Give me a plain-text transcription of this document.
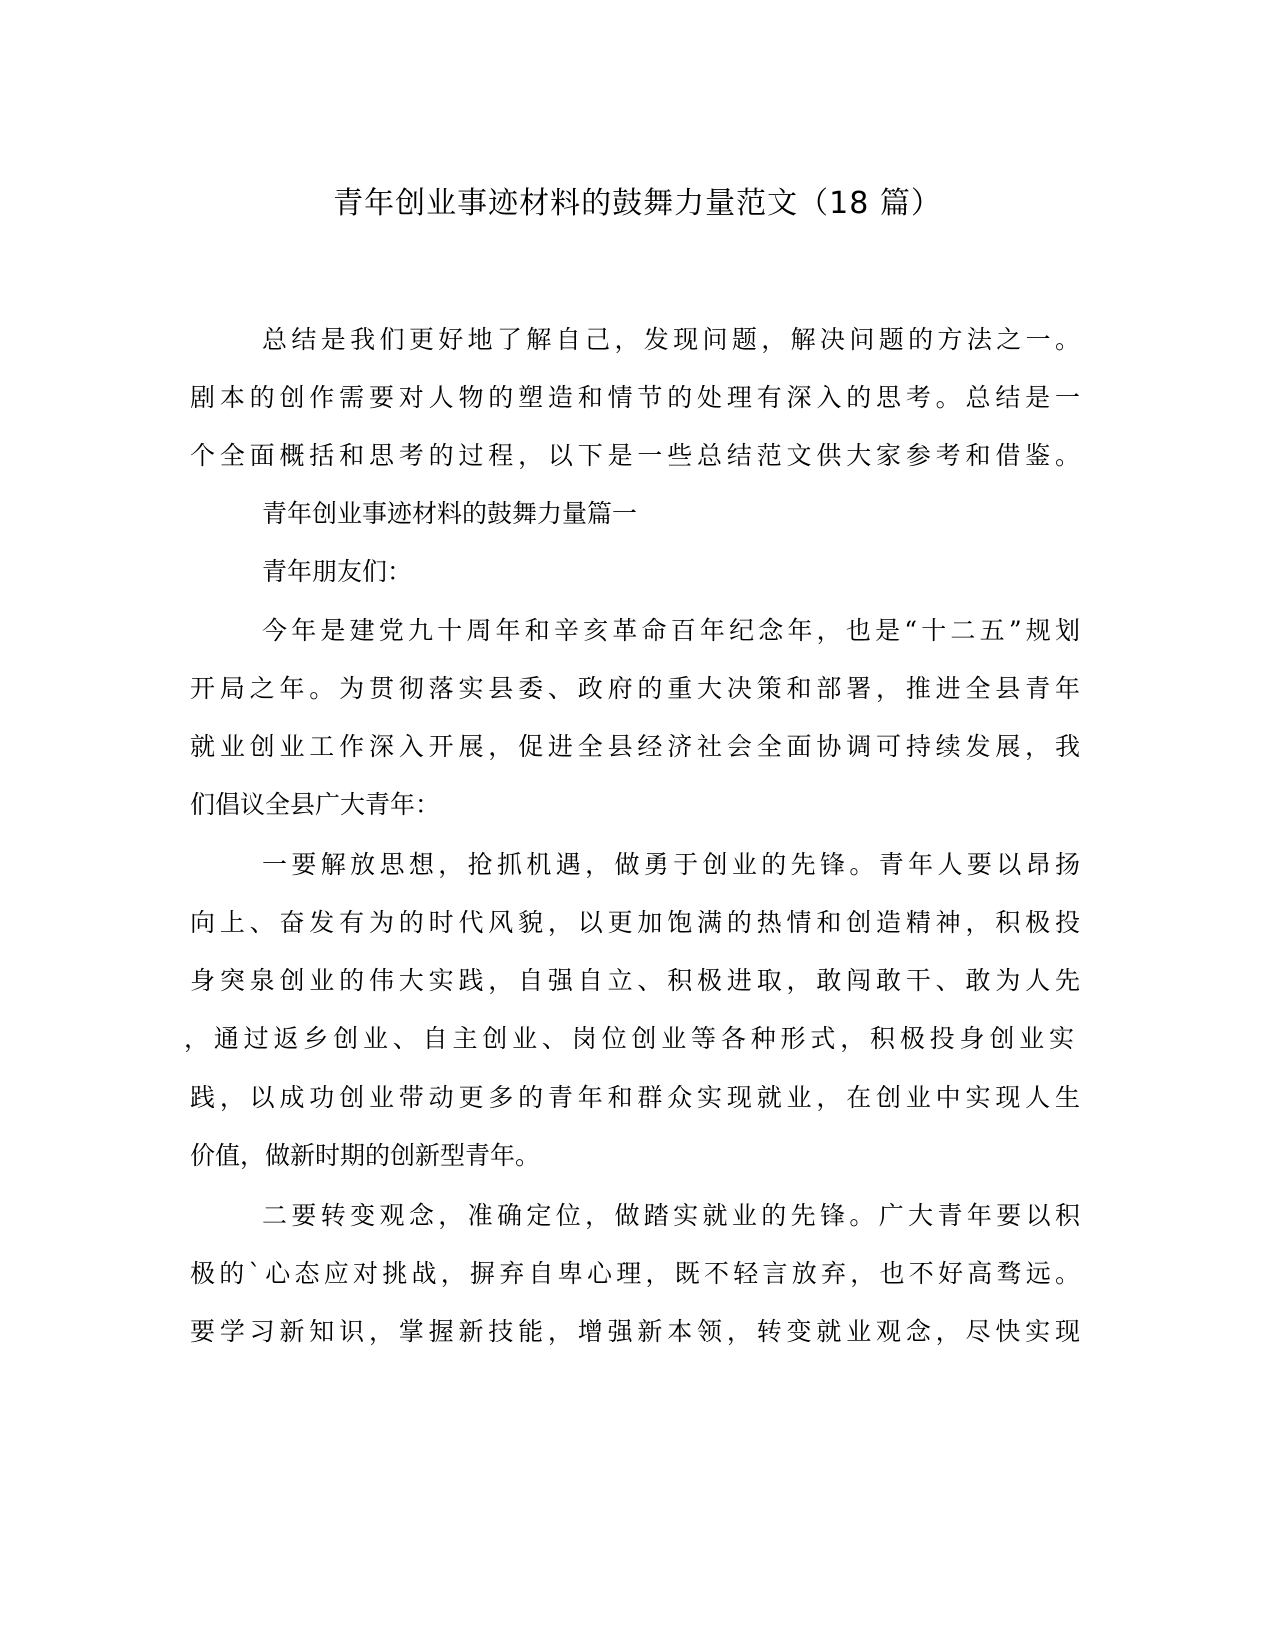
青年创业事迹材料的鼓舞力量范文（18 篇）
总结是我们更好地了解自己，发现问题，解决问题的方法之一。
剧本的创作需要对人物的塑造和情节的处理有深入的思考。总结是一
个全面概括和思考的过程，以下是一些总结范文供大家参考和借鉴。
青年创业事迹材料的鼓舞力量篇一
青年朋友们：
今年是建党九十周年和辛亥革命百年纪念年，也是“十二五”规划
开局之年。为贯彻落实县委、政府的重大决策和部署，推进全县青年
就业创业工作深入开展，促进全县经济社会全面协调可持续发展，我
们倡议全县广大青年：
一要解放思想，抢抓机遇，做勇于创业的先锋。青年人要以昂扬
向上、奋发有为的时代风貌，以更加饱满的热情和创造精神，积极投
身突泉创业的伟大实践，自强自立、积极进取，敢闯敢干、敢为人先
，通过返乡创业、自主创业、岗位创业等各种形式，积极投身创业实
践，以成功创业带动更多的青年和群众实现就业，在创业中实现人生
价值，做新时期的创新型青年。
二要转变观念，准确定位，做踏实就业的先锋。广大青年要以积
极的`心态应对挑战，摒弃自卑心理，既不轻言放弃，也不好高骛远。
要学习新知识，掌握新技能，增强新本领，转变就业观念，尽快实现
